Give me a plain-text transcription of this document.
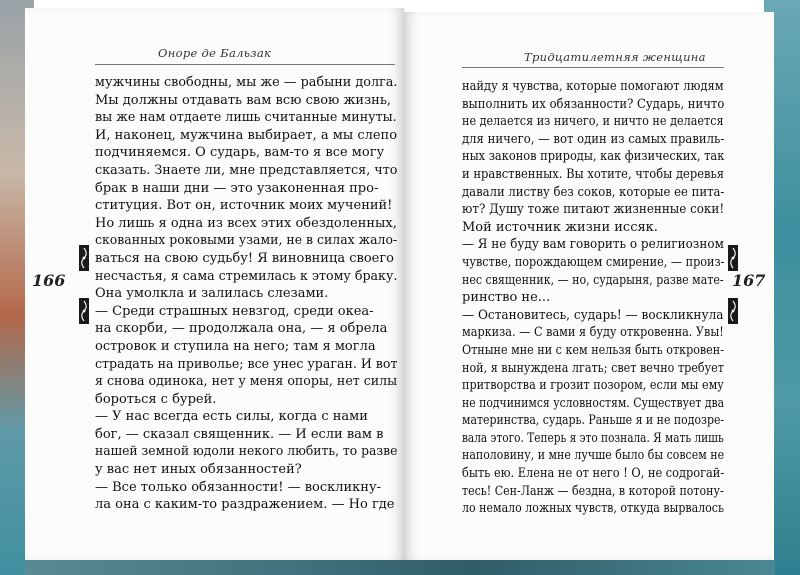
Оноре де Бальзак
мужчины свободны, мы же — рабыни долга.
Мы должны отдавать вам всю свою жизнь,
вы же нам отдаете лишь считанные минуты.
И, наконец, мужчина выбирает, а мы слепо
подчиняемся. О сударь, вам-то я все могу
сказать. Знаете ли, мне представляется, что
брак в наши дни — это узаконенная про-
ституция. Вот он, источник моих мучений!
Но лишь я одна из всех этих обездоленных,
скованных роковыми узами, не в силах жало-
ваться на свою судьбу! Я виновница своего
несчастья, я сама стремилась к этому браку.
Она умолкла и залилась слезами.
— Среди страшных невзгод, среди океа-
на скорби, — продолжала она, — я обрела
островок и ступила на него; там я могла
страдать на приволье; все унес ураган. И вот
я снова одинока, нет у меня опоры, нет силы
бороться с бурей.
— У нас всегда есть силы, когда с нами
бог, — сказал священник. — И если вам в
нашей земной юдоли некого любить, то разве
у вас нет иных обязанностей?
— Все только обязанности! — воскликну-
ла она с каким-то раздражением. — Но где
166
Тридцатилетняя женщина
найду я чувства, которые помогают людям
выполнить их обязанности? Сударь, ничто
не делается из ничего, и ничто не делается
для ничего, — вот один из самых правиль-
ных законов природы, как физических, так
и нравственных. Вы хотите, чтобы деревья
давали листву без соков, которые ее пита-
ют? Душу тоже питают жизненные соки!
Мой источник жизни иссяк.
— Я не буду вам говорить о религиозном
чувстве, порождающем смирение, — произ-
нес священник, — но, сударыня, разве мате-
ринство не...
— Остановитесь, сударь! — воскликнула
маркиза. — С вами я буду откровенна. Увы!
Отныне мне ни с кем нельзя быть откровен-
ной, я вынуждена лгать; свет вечно требует
притворства и грозит позором, если мы ему
не подчинимся условностям. Существует два
материнства, сударь. Раньше я и не подозре-
вала этого. Теперь я это познала. Я мать лишь
наполовину, и мне лучше было бы совсем не
быть ею. Елена не от него ! О, не содрогай-
тесь! Сен-Ланж — бездна, в которой потону-
ло немало ложных чувств, откуда вырвалось
167
